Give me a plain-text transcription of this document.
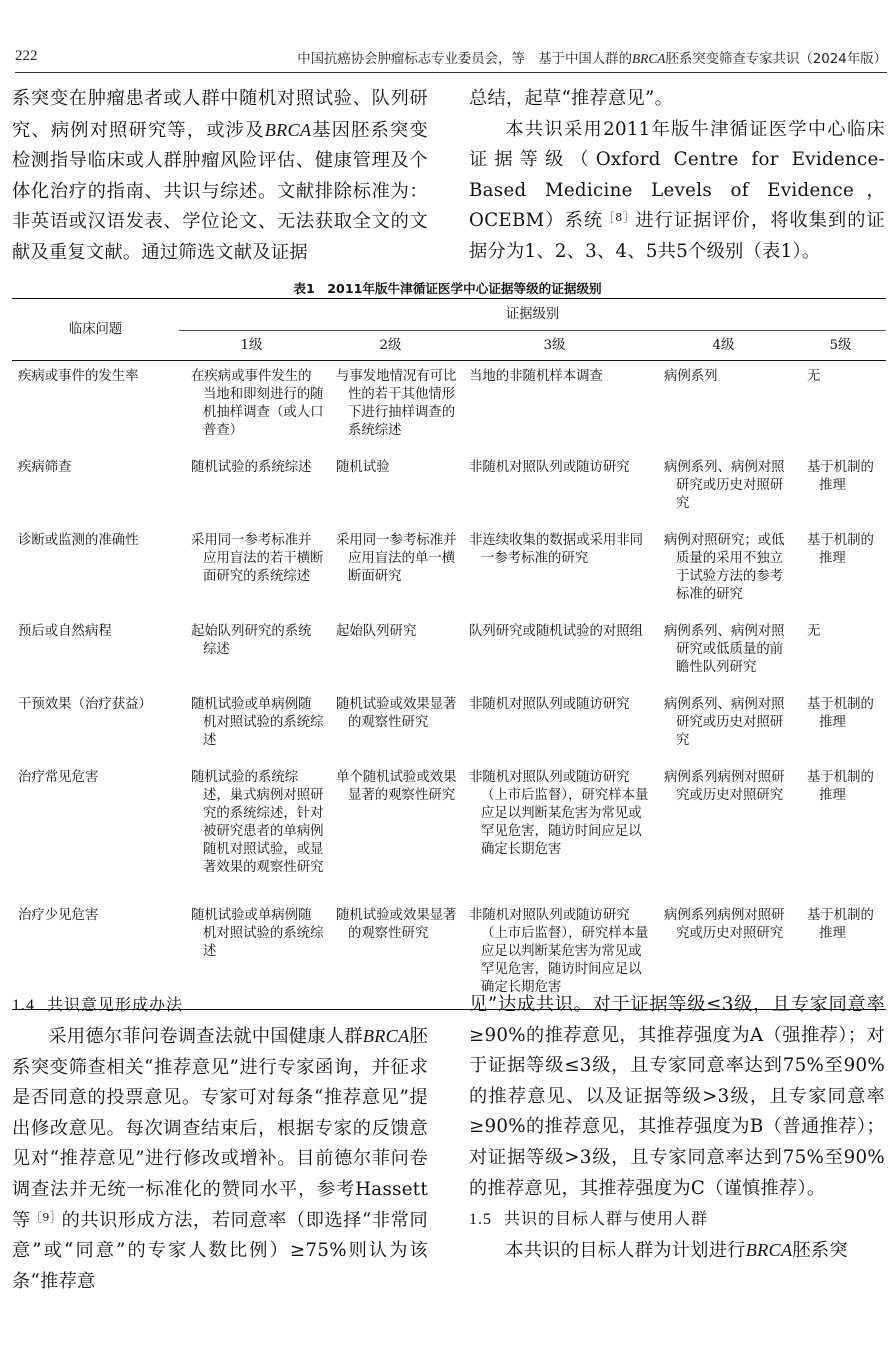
222	中国抗癌协会肿瘤标志专业委员会，等　基于中国人群的BRCA胚系突变筛查专家共识（2024年版）

系突变在肿瘤患者或人群中随机对照试验、队列研究、病例对照研究等，或涉及BRCA基因胚系突变检测指导临床或人群肿瘤风险评估、健康管理及个体化治疗的指南、共识与综述。文献排除标准为：非英语或汉语发表、学位论文、无法获取全文的文献及重复文献。通过筛选文献及证据

总结，起草“推荐意见”。

本共识采用2011年版牛津循证医学中心临床证据等级（Oxford Centre for Evidence-Based Medicine Levels of Evidence，OCEBM）系统$^{[8]}$进行证据评价，将收集到的证据分为1、2、3、4、5共5个级别（表1）。

表1　2011年版牛津循证医学中心证据等级的证据级别
临床问题	证据级别				
	1级	2级	3级	4级	5级
疾病或事件的发生率	在疾病或事件发生的当地和即刻进行的随机抽样调查（或人口普查）	与事发地情况有可比性的若干其他情形下进行抽样调查的系统综述	当地的非随机样本调查	病例系列	无

疾病筛查	随机试验的系统综述	随机试验	非随机对照队列或随访研究	病例系列、病例对照研究或历史对照研究	基于机制的推理

诊断或监测的准确性	采用同一参考标准并应用盲法的若干横断面研究的系统综述	采用同一参考标准并应用盲法的单一横断面研究	非连续收集的数据或采用非同一参考标准的研究	病例对照研究；或低质量的采用不独立于试验方法的参考标准的研究	基于机制的推理

预后或自然病程	起始队列研究的系统综述	起始队列研究	队列研究或随机试验的对照组	病例系列、病例对照研究或低质量的前瞻性队列研究	无

干预效果（治疗获益）	随机试验或单病例随机对照试验的系统综述	随机试验或效果显著的观察性研究	非随机对照队列或随访研究	病例系列、病例对照研究或历史对照研究	基于机制的推理

治疗常见危害	随机试验的系统综述，巢式病例对照研究的系统综述，针对被研究患者的单病例随机对照试验，或显著效果的观察性研究	单个随机试验或效果显著的观察性研究	非随机对照队列或随访研究（上市后监督），研究样本量应足以判断某危害为常见或罕见危害，随访时间应足以确定长期危害	病例系列病例对照研究或历史对照研究	基于机制的推理

治疗少见危害	随机试验或单病例随机对照试验的系统综述	随机试验或效果显著的观察性研究	非随机对照队列或随访研究（上市后监督），研究样本量应足以判断某危害为常见或罕见危害，随访时间应足以确定长期危害	病例系列病例对照研究或历史对照研究	基于机制的推理

1.4 共识意见形成办法

采用德尔菲问卷调查法就中国健康人群BRCA胚系突变筛查相关“推荐意见”进行专家函询，并征求是否同意的投票意见。专家可对每条“推荐意见”提出修改意见。每次调查结束后，根据专家的反馈意见对“推荐意见”进行修改或增补。目前德尔菲问卷调查法并无统一标准化的赞同水平，参考Hassett等$^{[9]}$的共识形成方法，若同意率（即选择“非常同意”或“同意”的专家人数比例）≥75%则认为该条“推荐意

见”达成共识。对于证据等级≤3级，且专家同意率≥90%的推荐意见，其推荐强度为A（强推荐）；对于证据等级≤3级，且专家同意率达到75%至90%的推荐意见、以及证据等级>3级，且专家同意率≥90%的推荐意见，其推荐强度为B（普通推荐）；对证据等级>3级，且专家同意率达到75%至90%的推荐意见，其推荐强度为C（谨慎推荐）。

1.5 共识的目标人群与使用人群

本共识的目标人群为计划进行BRCA胚系突
